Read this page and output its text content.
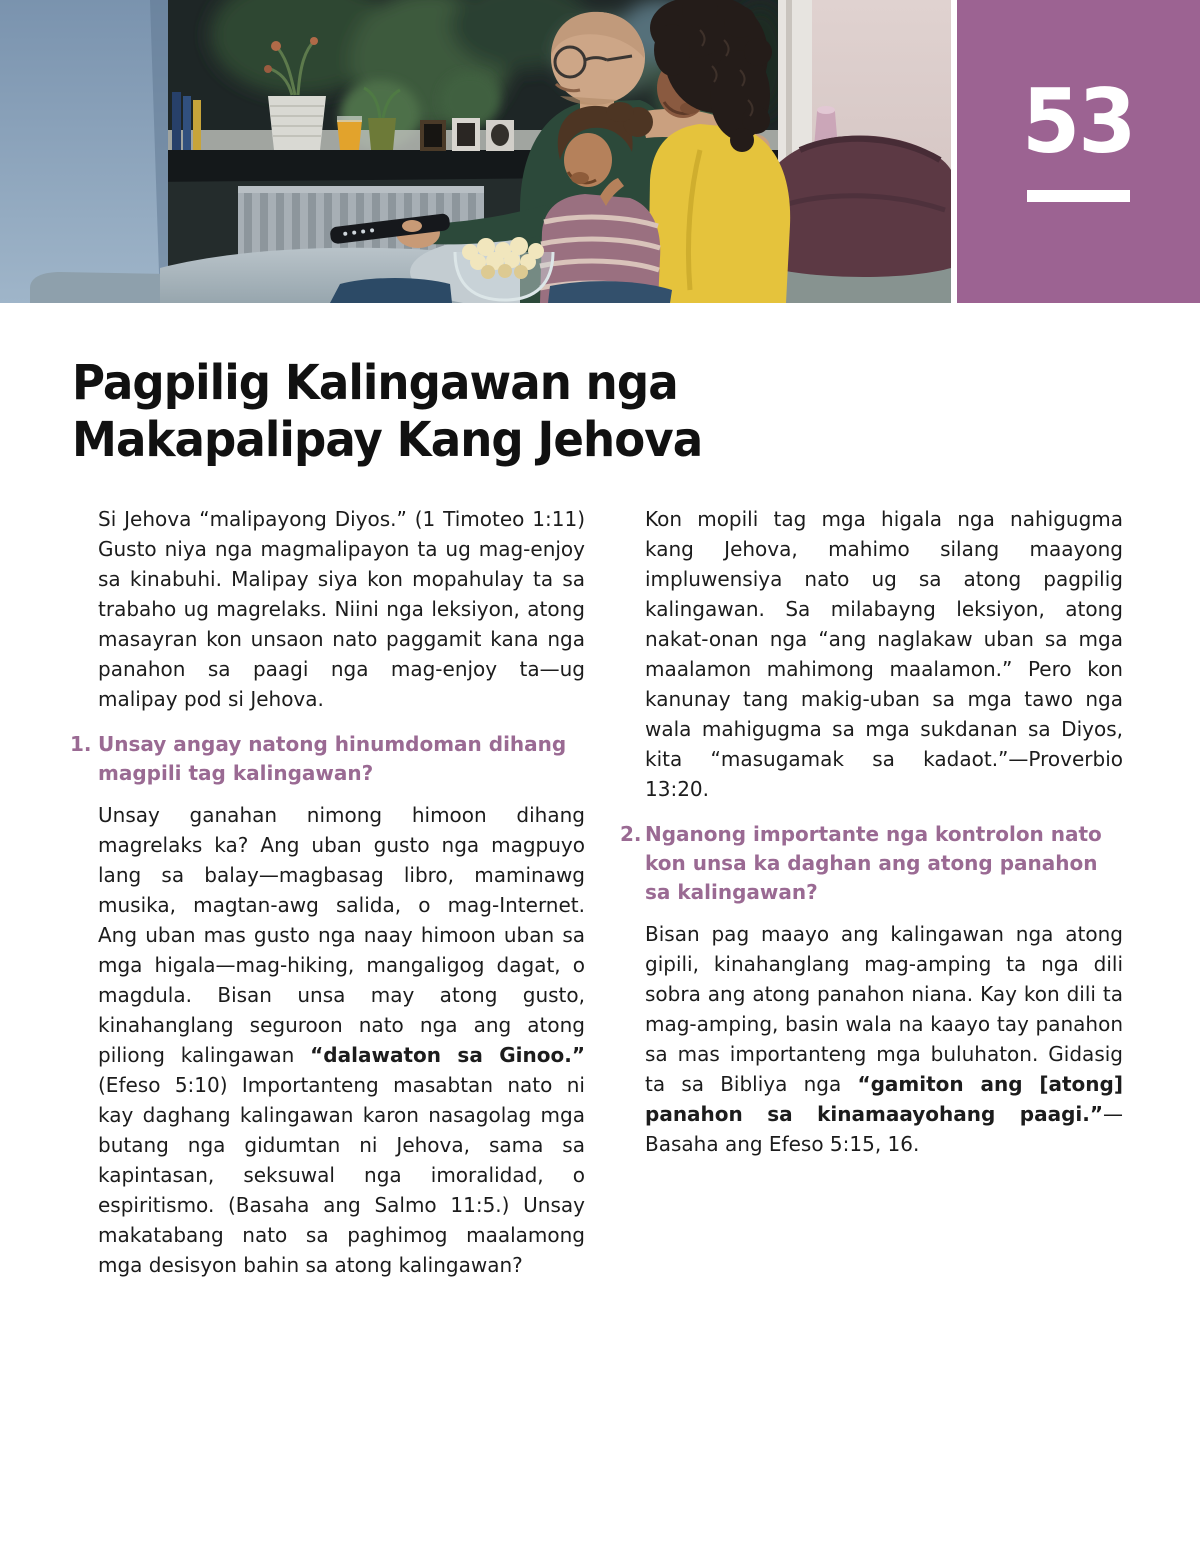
53
Pagpilig Kalingawan nga
Makapalipay Kang Jehova

Si Jehova “malipayong Diyos.” (1 Timoteo 1:11) Gusto niya nga magmalipayon ta ug mag-enjoy sa kinabuhi. Malipay siya kon mopahulay ta sa trabaho ug magrelaks. Niini nga leksiyon, atong masayran kon unsaon nato paggamit kana nga panahon sa paagi nga mag-enjoy ta—ug malipay pod si Jehova.

1. Unsay angay natong hinumdoman dihang magpili tag kalingawan?

Unsay ganahan nimong himoon dihang magrelaks ka? Ang uban gusto nga magpuyo lang sa balay—magbasag libro, maminawg musika, magtan-awg salida, o mag-Internet. Ang uban mas gusto nga naay himoon uban sa mga higala—mag-hiking, mangaligog dagat, o magdula. Bisan unsa may atong gusto, kinahanglang seguroon nato nga ang atong piliong kalingawan “dalawaton sa Ginoo.” (Efeso 5:10) Importanteng masabtan nato ni kay daghang kalingawan karon nasagolag mga butang nga gidumtan ni Jehova, sama sa kapintasan, seksuwal nga imoralidad, o espiritismo. (Basaha ang Salmo 11:5.) Unsay makatabang nato sa paghimog maalamong mga desisyon bahin sa atong kalingawan?

Kon mopili tag mga higala nga nahigugma kang Jehova, mahimo silang maayong impluwensiya nato ug sa atong pagpilig kalingawan. Sa milabayng leksiyon, atong nakat-onan nga “ang naglakaw uban sa mga maalamon mahimong maalamon.” Pero kon kanunay tang makig-uban sa mga tawo nga wala mahigugma sa mga sukdanan sa Diyos, kita “masugamak sa kadaot.”—Proverbio 13:20.

2. Nganong importante nga kontrolon nato kon unsa ka daghan ang atong panahon sa kalingawan?

Bisan pag maayo ang kalingawan nga atong gipili, kinahanglang mag-amping ta nga dili sobra ang atong panahon niana. Kay kon dili ta mag-amping, basin wala na kaayo tay panahon sa mas importanteng mga buluhaton. Gidasig ta sa Bibliya nga “gamiton ang [atong] panahon sa kinamaayohang paagi.”—Basaha ang Efeso 5:15, 16.
